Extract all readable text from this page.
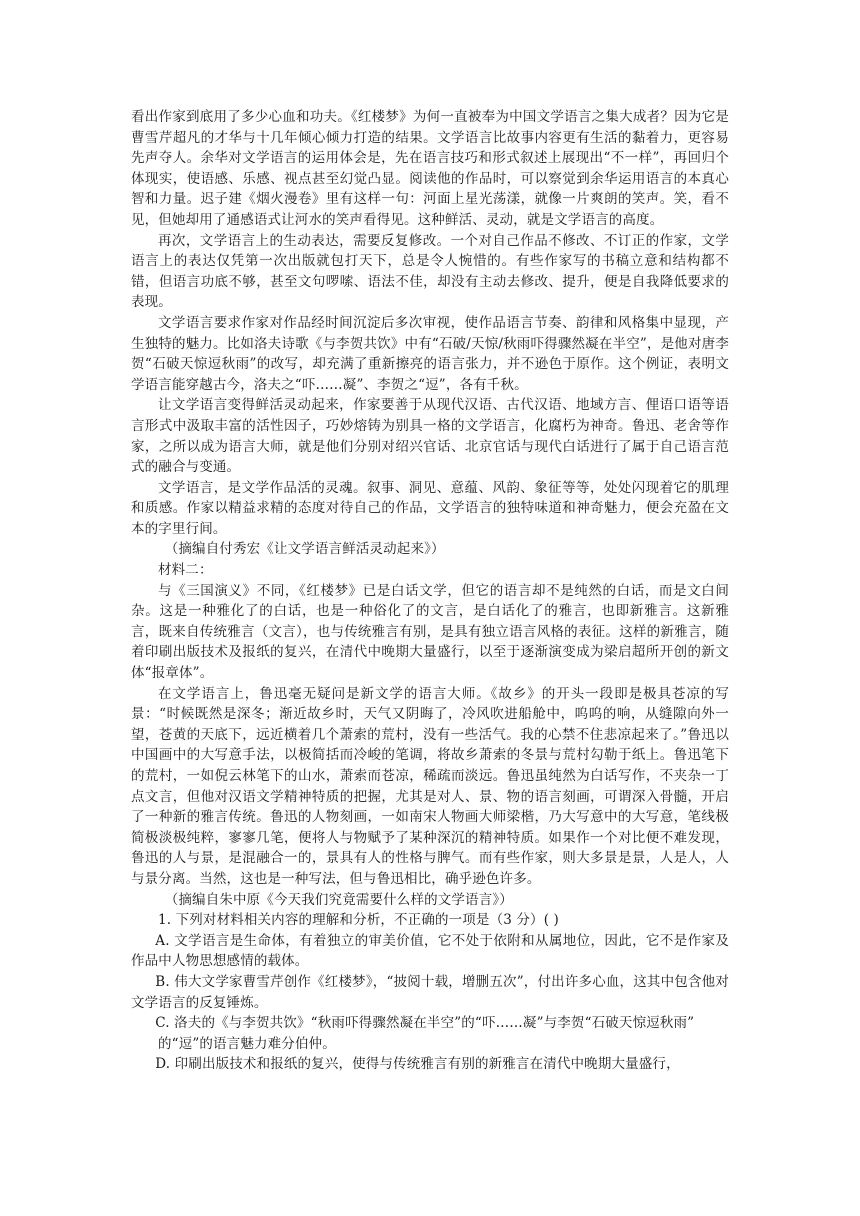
看出作家到底用了多少心血和功夫。《红楼梦》为何一直被奉为中国文学语言之集大成者？因为它是曹雪芹超凡的才华与十几年倾心倾力打造的结果。文学语言比故事内容更有生活的黏着力，更容易先声夺人。余华对文学语言的运用体会是，先在语言技巧和形式叙述上展现出“不一样”，再回归个体现实，使语感、乐感、视点甚至幻觉凸显。阅读他的作品时，可以察觉到余华运用语言的本真心智和力量。迟子建《烟火漫卷》里有这样一句：河面上星光荡漾，就像一片爽朗的笑声。笑，看不见，但她却用了通感语式让河水的笑声看得见。这种鲜活、灵动，就是文学语言的高度。

再次，文学语言上的生动表达，需要反复修改。一个对自己作品不修改、不订正的作家，文学语言上的表达仅凭第一次出版就包打天下，总是令人惋惜的。有些作家写的书稿立意和结构都不错，但语言功底不够，甚至文句啰嗦、语法不佳，却没有主动去修改、提升，便是自我降低要求的表现。

文学语言要求作家对作品经时间沉淀后多次审视，使作品语言节奏、韵律和风格集中显现，产生独特的魅力。比如洛夫诗歌《与李贺共饮》中有“石破/天惊/秋雨吓得骤然凝在半空”，是他对唐李贺“石破天惊逗秋雨”的改写，却充满了重新擦亮的语言张力，并不逊色于原作。这个例证，表明文学语言能穿越古今，洛夫之“吓……凝”、李贺之“逗”，各有千秋。

让文学语言变得鲜活灵动起来，作家要善于从现代汉语、古代汉语、地域方言、俚语口语等语言形式中汲取丰富的活性因子，巧妙熔铸为别具一格的文学语言，化腐朽为神奇。鲁迅、老舍等作家，之所以成为语言大师，就是他们分别对绍兴官话、北京官话与现代白话进行了属于自己语言范式的融合与变通。

文学语言，是文学作品活的灵魂。叙事、洞见、意蕴、风韵、象征等等，处处闪现着它的肌理和质感。作家以精益求精的态度对待自己的作品，文学语言的独特味道和神奇魅力，便会充盈在文本的字里行间。

（摘编自付秀宏《让文学语言鲜活灵动起来》）

材料二：

与《三国演义》不同，《红楼梦》已是白话文学，但它的语言却不是纯然的白话，而是文白间杂。这是一种雅化了的白话，也是一种俗化了的文言，是白话化了的雅言，也即新雅言。这新雅言，既来自传统雅言（文言），也与传统雅言有别，是具有独立语言风格的表征。这样的新雅言，随着印刷出版技术及报纸的复兴，在清代中晚期大量盛行，以至于逐渐演变成为梁启超所开创的新文体“报章体”。

在文学语言上，鲁迅毫无疑问是新文学的语言大师。《故乡》的开头一段即是极具苍凉的写景：“时候既然是深冬；渐近故乡时，天气又阴晦了，冷风吹进船舱中，呜呜的响，从缝隙向外一望，苍黄的天底下，远近横着几个萧索的荒村，没有一些活气。我的心禁不住悲凉起来了。”鲁迅以中国画中的大写意手法，以极简括而冷峻的笔调，将故乡萧索的冬景与荒村勾勒于纸上。鲁迅笔下的荒村，一如倪云林笔下的山水，萧索而苍凉，稀疏而淡远。鲁迅虽纯然为白话写作，不夹杂一丁点文言，但他对汉语文学精神特质的把握，尤其是对人、景、物的语言刻画，可谓深入骨髓，开启了一种新的雅言传统。鲁迅的人物刻画，一如南宋人物画大师梁楷，乃大写意中的大写意，笔线极简极淡极纯粹，寥寥几笔，便将人与物赋予了某种深沉的精神特质。如果作一个对比便不难发现，鲁迅的人与景，是混融合一的，景具有人的性格与脾气。而有些作家，则大多景是景，人是人，人与景分离。当然，这也是一种写法，但与鲁迅相比，确乎逊色许多。

（摘编自朱中原《今天我们究竟需要什么样的文学语言》）

1. 下列对材料相关内容的理解和分析，不正确的一项是（3 分）( )

A. 文学语言是生命体，有着独立的审美价值，它不处于依附和从属地位，因此，它不是作家及作品中人物思想感情的载体。

B. 伟大文学家曹雪芹创作《红楼梦》，“披阅十载，增删五次”，付出许多心血，这其中包含他对文学语言的反复锤炼。

C. 洛夫的《与李贺共饮》“秋雨吓得骤然凝在半空”的“吓……凝”与李贺“石破天惊逗秋雨”

的“逗”的语言魅力难分伯仲。

D. 印刷出版技术和报纸的复兴，使得与传统雅言有别的新雅言在清代中晚期大量盛行，
